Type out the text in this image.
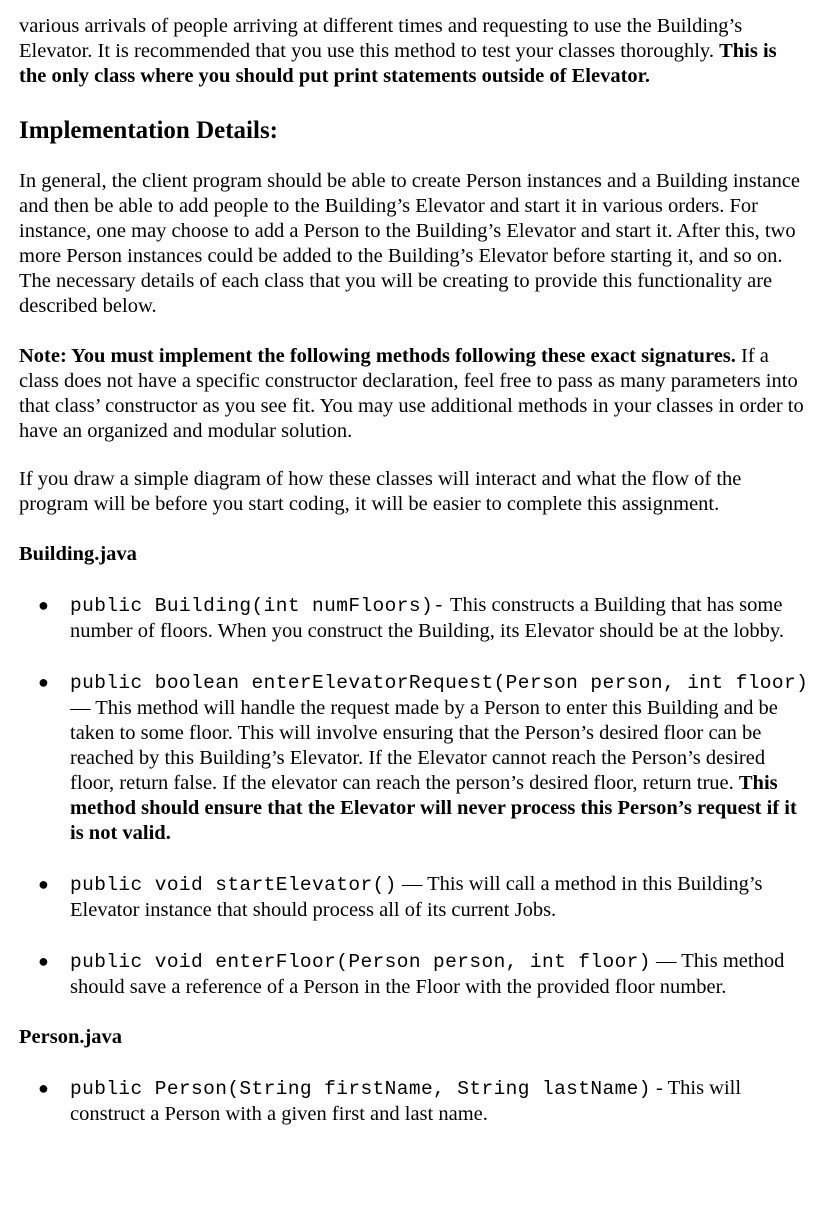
various arrivals of people arriving at different times and requesting to use the Building’s Elevator. It is recommended that you use this method to test your classes thoroughly. This is the only class where you should put print statements outside of Elevator.

Implementation Details:

In general, the client program should be able to create Person instances and a Building instance and then be able to add people to the Building’s Elevator and start it in various orders. For instance, one may choose to add a Person to the Building’s Elevator and start it. After this, two more Person instances could be added to the Building’s Elevator before starting it, and so on. The necessary details of each class that you will be creating to provide this functionality are described below.

Note: You must implement the following methods following these exact signatures. If a class does not have a specific constructor declaration, feel free to pass as many parameters into that class’ constructor as you see fit. You may use additional methods in your classes in order to have an organized and modular solution.

If you draw a simple diagram of how these classes will interact and what the flow of the program will be before you start coding, it will be easier to complete this assignment.

Building.java

● public Building(int numFloors)- This constructs a Building that has some number of floors. When you construct the Building, its Elevator should be at the lobby.
● public boolean enterElevatorRequest(Person person, int floor) — This method will handle the request made by a Person to enter this Building and be taken to some floor. This will involve ensuring that the Person’s desired floor can be reached by this Building’s Elevator. If the Elevator cannot reach the Person’s desired floor, return false. If the elevator can reach the person’s desired floor, return true. This method should ensure that the Elevator will never process this Person’s request if it is not valid.
● public void startElevator() — This will call a method in this Building’s Elevator instance that should process all of its current Jobs.
● public void enterFloor(Person person, int floor) — This method should save a reference of a Person in the Floor with the provided floor number.

Person.java

● public Person(String firstName, String lastName) - This will construct a Person with a given first and last name.
